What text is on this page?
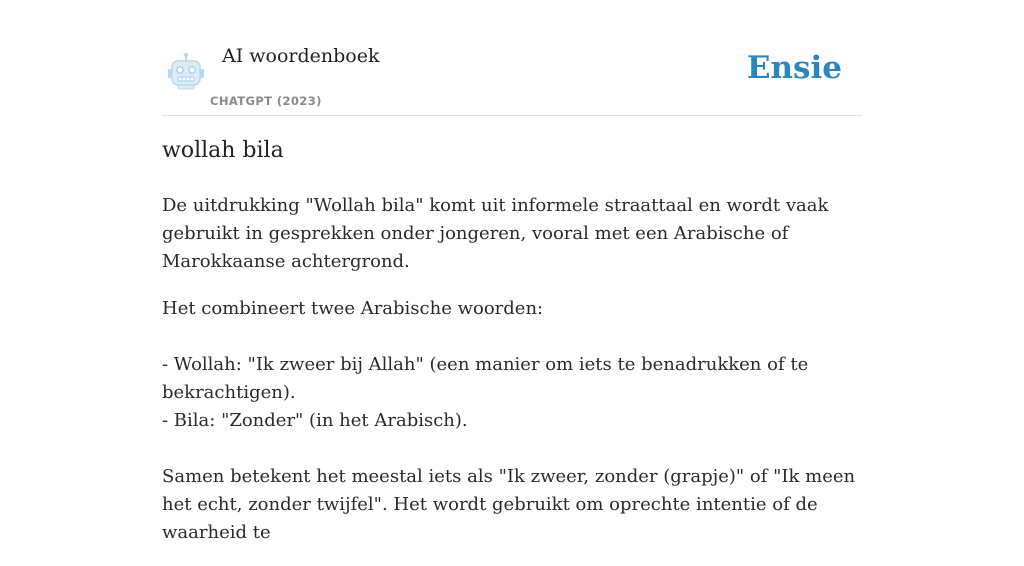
AI woordenboek
CHATGPT (2023)
Ensie
wollah bila

De uitdrukking "Wollah bila" komt uit informele straattaal en wordt vaak gebruikt in gesprekken onder jongeren, vooral met een Arabische of Marokkaanse achtergrond.

Het combineert twee Arabische woorden:

- Wollah: "Ik zweer bij Allah" (een manier om iets te benadrukken of te bekrachtigen).
- Bila: "Zonder" (in het Arabisch).

Samen betekent het meestal iets als "Ik zweer, zonder (grapje)" of "Ik meen het echt, zonder twijfel". Het wordt gebruikt om oprechte intentie of de waarheid te
